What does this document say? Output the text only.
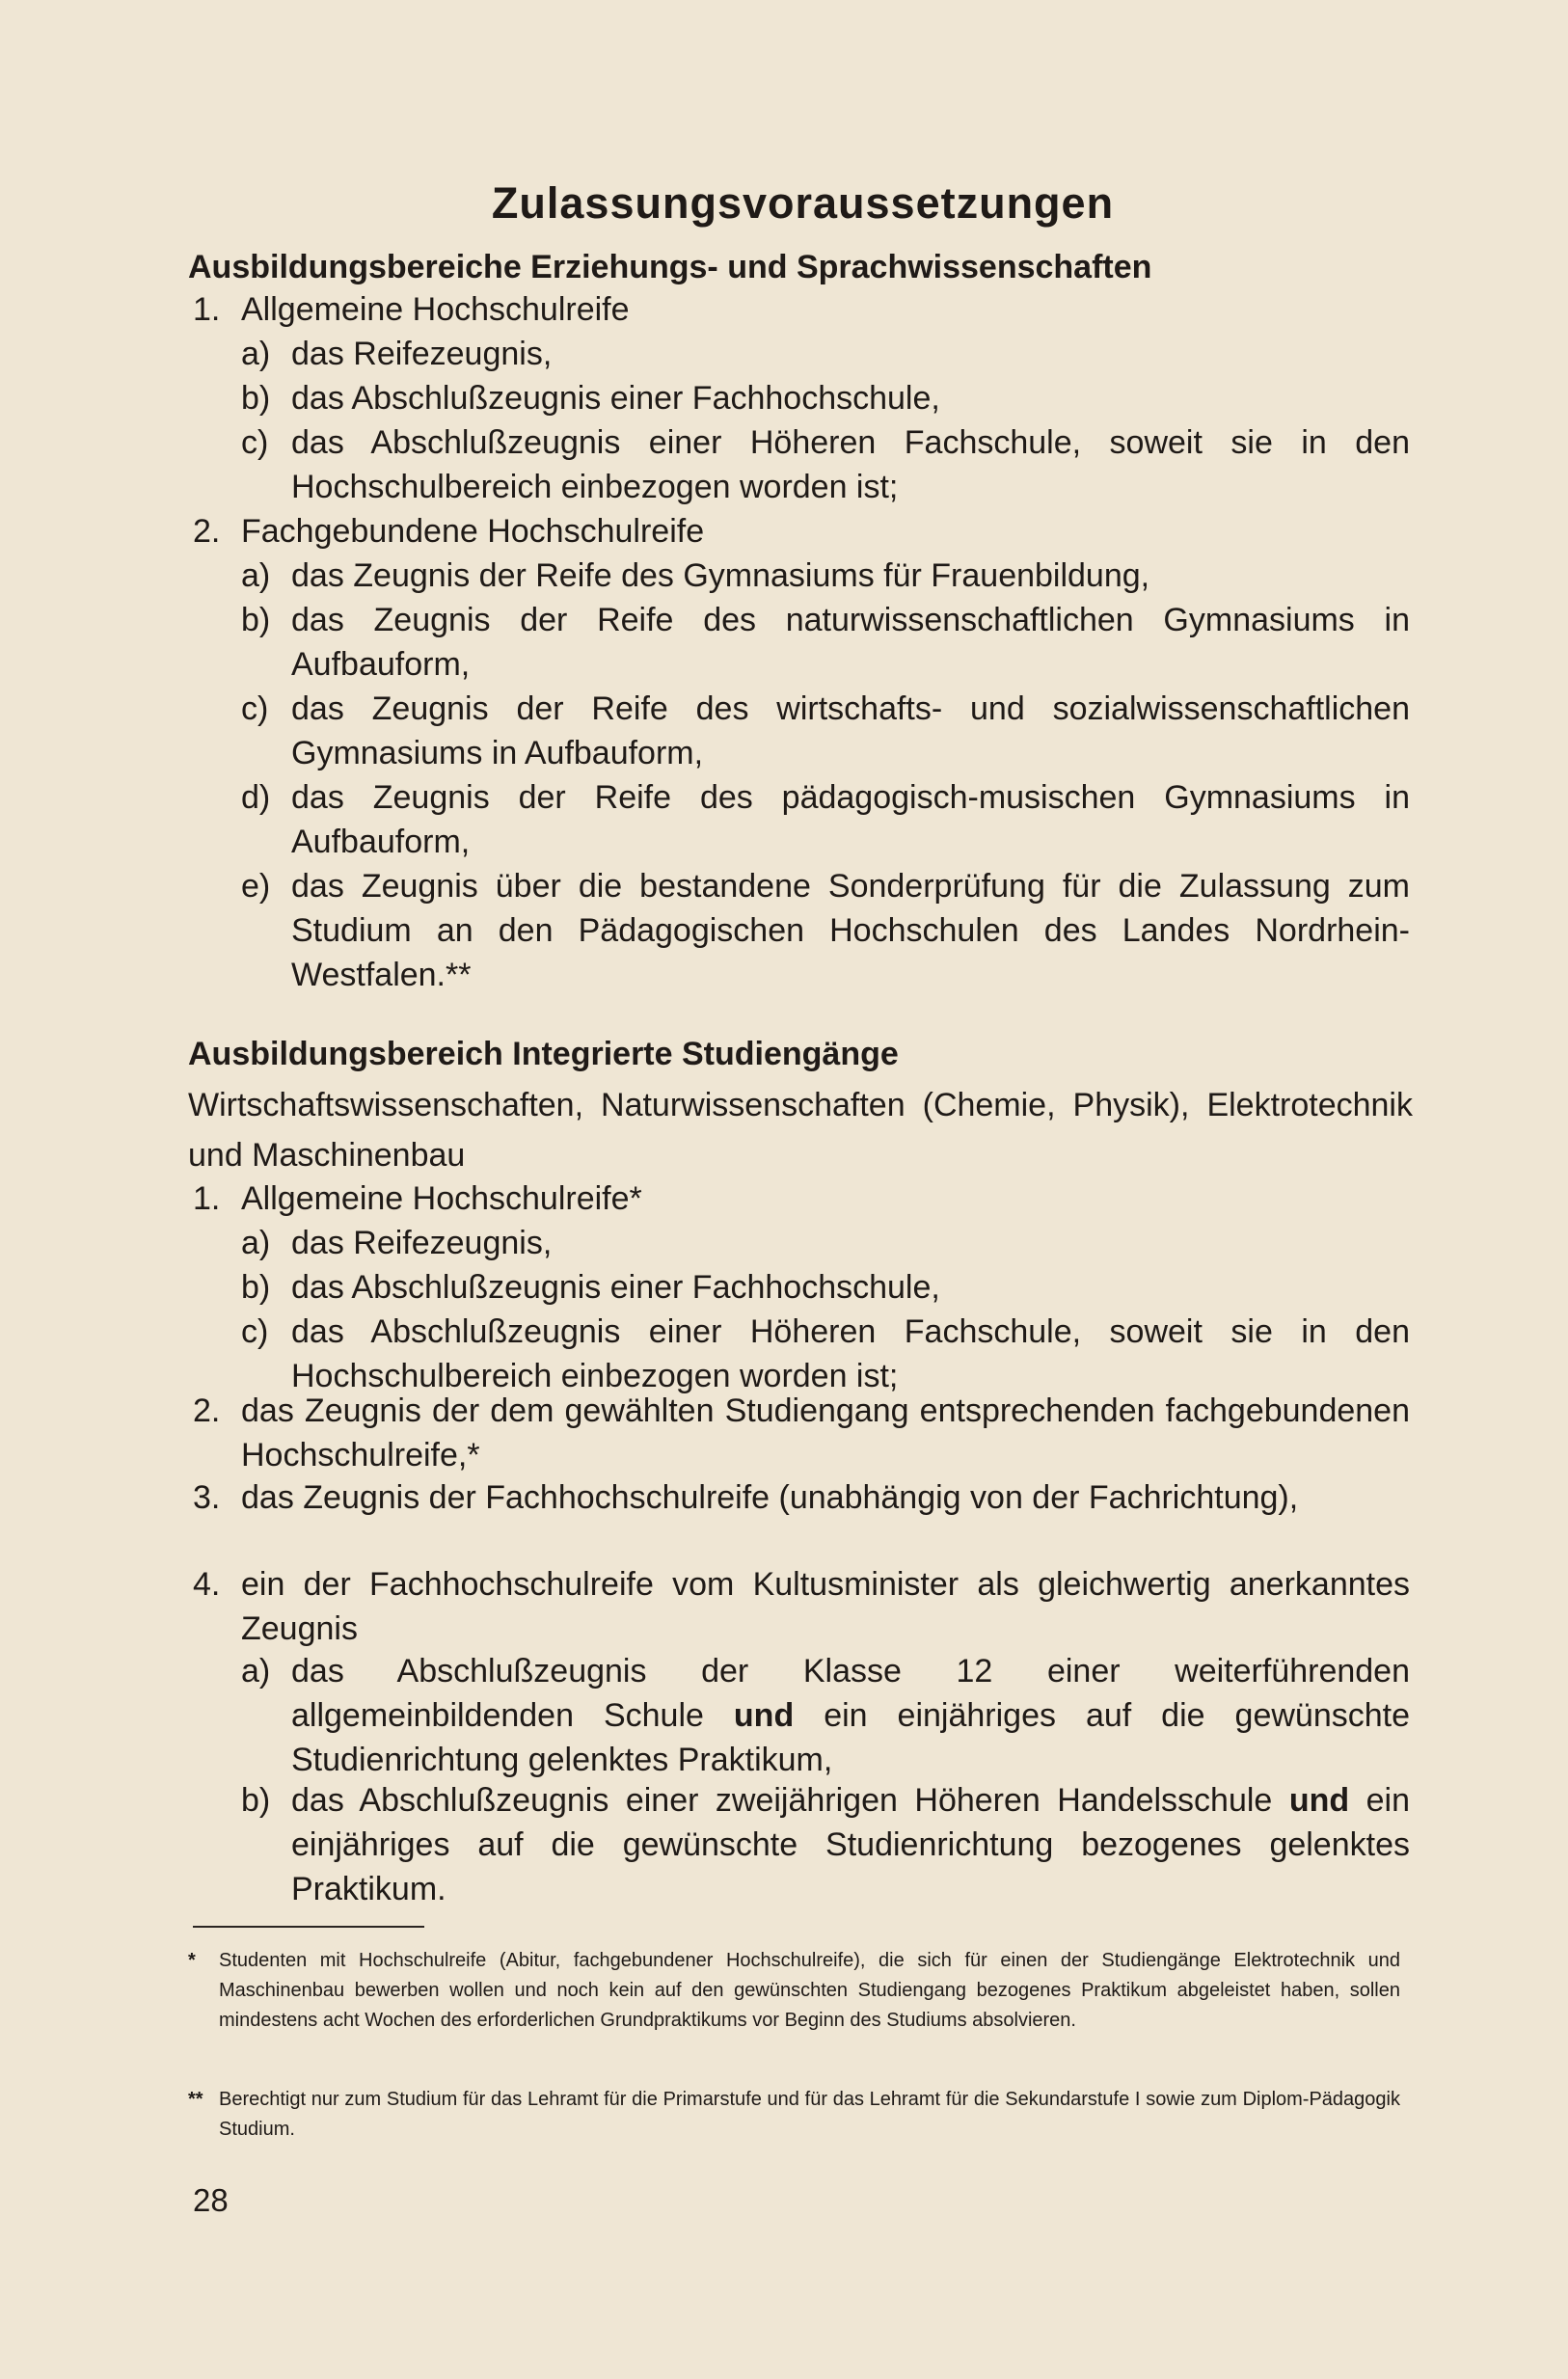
Zulassungsvoraussetzungen
Ausbildungsbereiche Erziehungs- und Sprachwissenschaften
1. Allgemeine Hochschulreife
a) das Reifezeugnis,
b) das Abschlußzeugnis einer Fachhochschule,
c) das Abschlußzeugnis einer Höheren Fachschule, soweit sie in den Hochschulbereich einbezogen worden ist;
2. Fachgebundene Hochschulreife
a) das Zeugnis der Reife des Gymnasiums für Frauenbildung,
b) das Zeugnis der Reife des naturwissenschaftlichen Gymnasiums in Aufbauform,
c) das Zeugnis der Reife des wirtschafts- und sozialwissenschaftlichen Gymnasiums in Aufbauform,
d) das Zeugnis der Reife des pädagogisch-musischen Gymnasiums in Aufbauform,
e) das Zeugnis über die bestandene Sonderprüfung für die Zulassung zum Studium an den Pädagogischen Hochschulen des Landes Nordrhein-Westfalen.**
Ausbildungsbereich Integrierte Studiengänge
Wirtschaftswissenschaften, Naturwissenschaften (Chemie, Physik), Elektrotechnik und Maschinenbau
1. Allgemeine Hochschulreife*
a) das Reifezeugnis,
b) das Abschlußzeugnis einer Fachhochschule,
c) das Abschlußzeugnis einer Höheren Fachschule, soweit sie in den Hochschulbereich einbezogen worden ist;
2. das Zeugnis der dem gewählten Studiengang entsprechenden fachgebundenen Hochschulreife,*
3. das Zeugnis der Fachhochschulreife (unabhängig von der Fachrichtung),
4. ein der Fachhochschulreife vom Kultusminister als gleichwertig anerkanntes Zeugnis
a) das Abschlußzeugnis der Klasse 12 einer weiterführenden allgemeinbildenden Schule und ein einjähriges auf die gewünschte Studienrichtung gelenktes Praktikum,
b) das Abschlußzeugnis einer zweijährigen Höheren Handelsschule und ein einjähriges auf die gewünschte Studienrichtung bezogenes gelenktes Praktikum.
* Studenten mit Hochschulreife (Abitur, fachgebundener Hochschulreife), die sich für einen der Studiengänge Elektrotechnik und Maschinenbau bewerben wollen und noch kein auf den gewünschten Studiengang bezogenes Praktikum abgeleistet haben, sollen mindestens acht Wochen des erforderlichen Grundpraktikums vor Beginn des Studiums absolvieren.
** Berechtigt nur zum Studium für das Lehramt für die Primarstufe und für das Lehramt für die Sekundarstufe I sowie zum Diplom-Pädagogik Studium.
28
